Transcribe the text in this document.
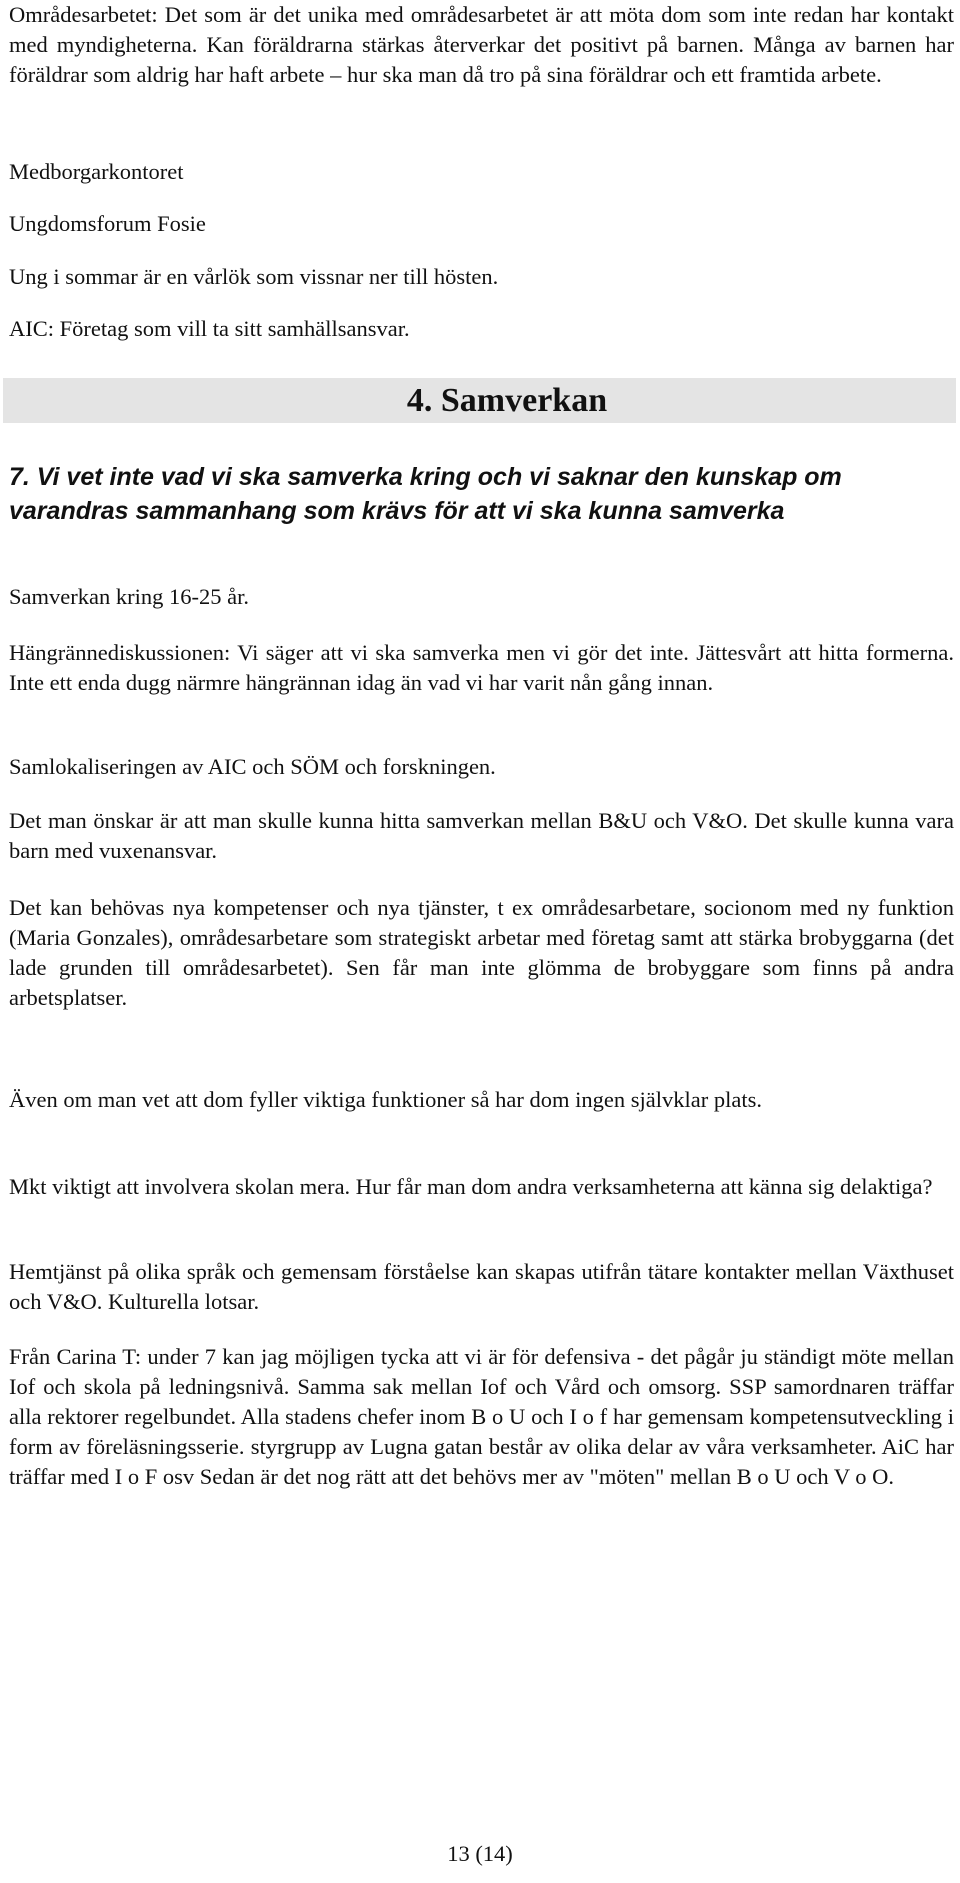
Områdesarbetet: Det som är det unika med områdesarbetet är att möta dom som inte redan har kontakt med myndigheterna. Kan föräldrarna stärkas återverkar det positivt på barnen. Många av barnen har föräldrar som aldrig har haft arbete – hur ska man då tro på sina föräldrar och ett framtida arbete.

Medborgarkontoret

Ungdomsforum Fosie

Ung i sommar är en vårlök som vissnar ner till hösten.

AIC: Företag som vill ta sitt samhällsansvar.

4. Samverkan
7. Vi vet inte vad vi ska samverka kring och vi saknar den kunskap om varandras sammanhang som krävs för att vi ska kunna samverka

Samverkan kring 16-25 år.

Hängrännediskussionen: Vi säger att vi ska samverka men vi gör det inte. Jättesvårt att hitta formerna. Inte ett enda dugg närmre hängrännan idag än vad vi har varit nån gång innan.

Samlokaliseringen av AIC och SÖM och forskningen.

Det man önskar är att man skulle kunna hitta samverkan mellan B&U och V&O. Det skulle kunna vara barn med vuxenansvar.

Det kan behövas nya kompetenser och nya tjänster, t ex områdesarbetare, socionom med ny funktion (Maria Gonzales), områdesarbetare som strategiskt arbetar med företag samt att stärka brobyggarna (det lade grunden till områdesarbetet). Sen får man inte glömma de brobyggare som finns på andra arbetsplatser.

Även om man vet att dom fyller viktiga funktioner så har dom ingen självklar plats.

Mkt viktigt att involvera skolan mera. Hur får man dom andra verksamheterna att känna sig delaktiga?

Hemtjänst på olika språk och gemensam förståelse kan skapas utifrån tätare kontakter mellan Växthuset och V&O. Kulturella lotsar.

Från Carina T: under 7 kan jag möjligen tycka att vi är för defensiva - det pågår ju ständigt möte mellan Iof och skola på ledningsnivå. Samma sak mellan Iof och Vård och omsorg. SSP samordnaren träffar alla rektorer regelbundet. Alla stadens chefer inom B o U och I o f har gemensam kompetensutveckling i form av föreläsningsserie. styrgrupp av Lugna gatan består av olika delar av våra verksamheter. AiC har träffar med I o F osv Sedan är det nog rätt att det behövs mer av "möten" mellan B o U och V o O.

13 (14)
